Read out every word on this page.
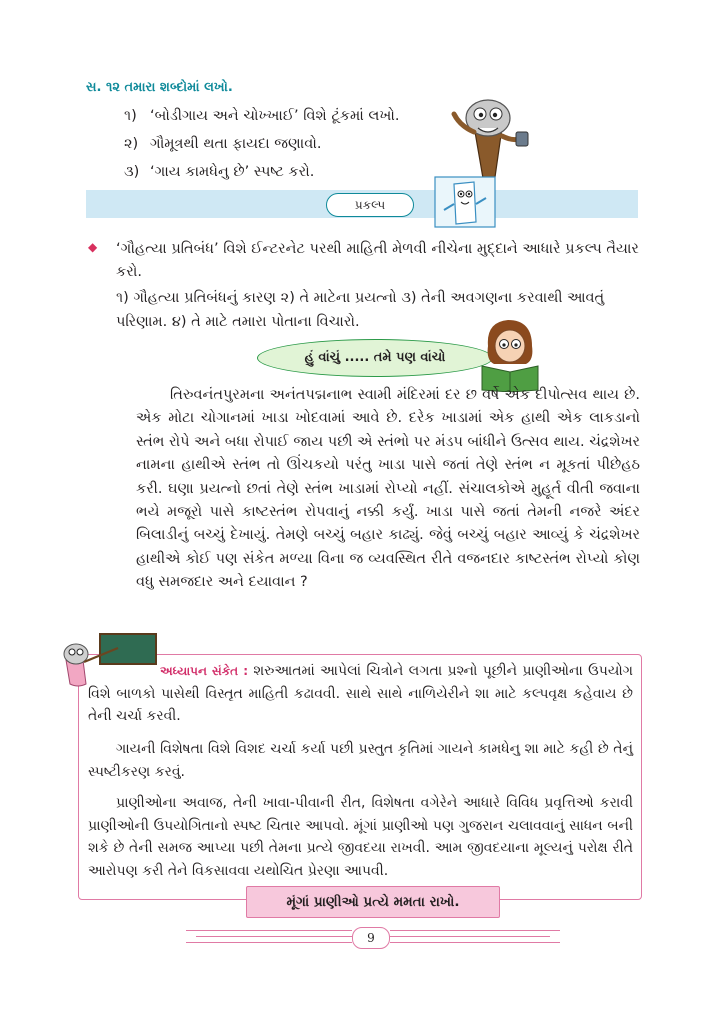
સ. ૧૨ તમારા શબ્દોમાં લખો.
૧) ‘બોડીગાય અને ચોખ્ખાઈ’ વિશે ટૂંકમાં લખો.
૨) ગૌમૂત્રથી થતા ફાયદા જણાવો.
૩) ‘ગાય કામધેનુ છે’ સ્પષ્ટ કરો.
પ્રકલ્પ
◆ ‘ગૌહત્યા પ્રતિબંધ’ વિશે ઈન્ટરનેટ પરથી માહિતી મેળવી નીચેના મુદ્દાને આધારે પ્રકલ્પ તૈયાર કરો.
૧) ગૌહત્યા પ્રતિબંધનું કારણ ૨) તે માટેના પ્રયત્નો ૩) તેની અવગણના કરવાથી આવતું પરિણામ. ૪) તે માટે તમારા પોતાના વિચારો.
હું વાંચું ..... તમે પણ વાંચો
તિરુવનંતપુરમના અનંતપદ્મનાભ સ્વામી મંદિરમાં દર છ વર્ષે એક દીપોત્સવ થાય છે. એક મોટા ચોગાનમાં ખાડા ખોદવામાં આવે છે. દરેક ખાડામાં એક હાથી એક લાકડાનો સ્તંભ રોપે અને બધા રોપાઈ જાય પછી એ સ્તંભો પર મંડપ બાંધીને ઉત્સવ થાય. ચંદ્રશેખર નામના હાથીએ સ્તંભ તો ઊંચકયો પરંતુ ખાડા પાસે જતાં તેણે સ્તંભ ન મૂકતાં પીછેહઠ કરી. ઘણા પ્રયત્નો છતાં તેણે સ્તંભ ખાડામાં રોપ્યો નહીં. સંચાલકોએ મુહૂર્ત વીતી જવાના ભયે મજૂરો પાસે કાષ્ટસ્તંભ રોપવાનું નક્કી કર્યું. ખાડા પાસે જતાં તેમની નજરે અંદર બિલાડીનું બચ્ચું દેખાયું. તેમણે બચ્ચું બહાર કાઢ્યું. જેવું બચ્ચું બહાર આવ્યું કે ચંદ્રશેખર હાથીએ કોઈ પણ સંકેત મળ્યા વિના જ વ્યવસ્થિત રીતે વજનદાર કાષ્ટસ્તંભ રોપ્યો કોણ વધુ સમજદાર અને દયાવાન ?
અધ્યાપન સંકેત : શરુઆતમાં આપેલાં ચિત્રોને લગતા પ્રશ્નો પૂછીને પ્રાણીઓના ઉપયોગ વિશે બાળકો પાસેથી વિસ્તૃત માહિતી કઢાવવી. સાથે સાથે નાળિયેરીને શા માટે કલ્પવૃક્ષ કહેવાય છે તેની ચર્ચા કરવી.
ગાયની વિશેષતા વિશે વિશદ ચર્ચા કર્યા પછી પ્રસ્તુત કૃતિમાં ગાયને કામધેનુ શા માટે કહી છે તેનું સ્પષ્ટીકરણ કરવું.
પ્રાણીઓના અવાજ, તેની ખાવા-પીવાની રીત, વિશેષતા વગેરેને આધારે વિવિધ પ્રવૃત્તિઓ કરાવી પ્રાણીઓની ઉપયોગિતાનો સ્પષ્ટ ચિતાર આપવો. મૂંગાં પ્રાણીઓ પણ ગુજરાન ચલાવવાનું સાધન બની શકે છે તેની સમજ આપ્યા પછી તેમના પ્રત્યે જીવદયા રાખવી. આમ જીવદયાના મૂલ્યનું પરોક્ષ રીતે આરોપણ કરી તેને વિકસાવવા યથોચિત પ્રેરણા આપવી.
મૂંગાં પ્રાણીઓ પ્રત્યે મમતા રાખો.
9
